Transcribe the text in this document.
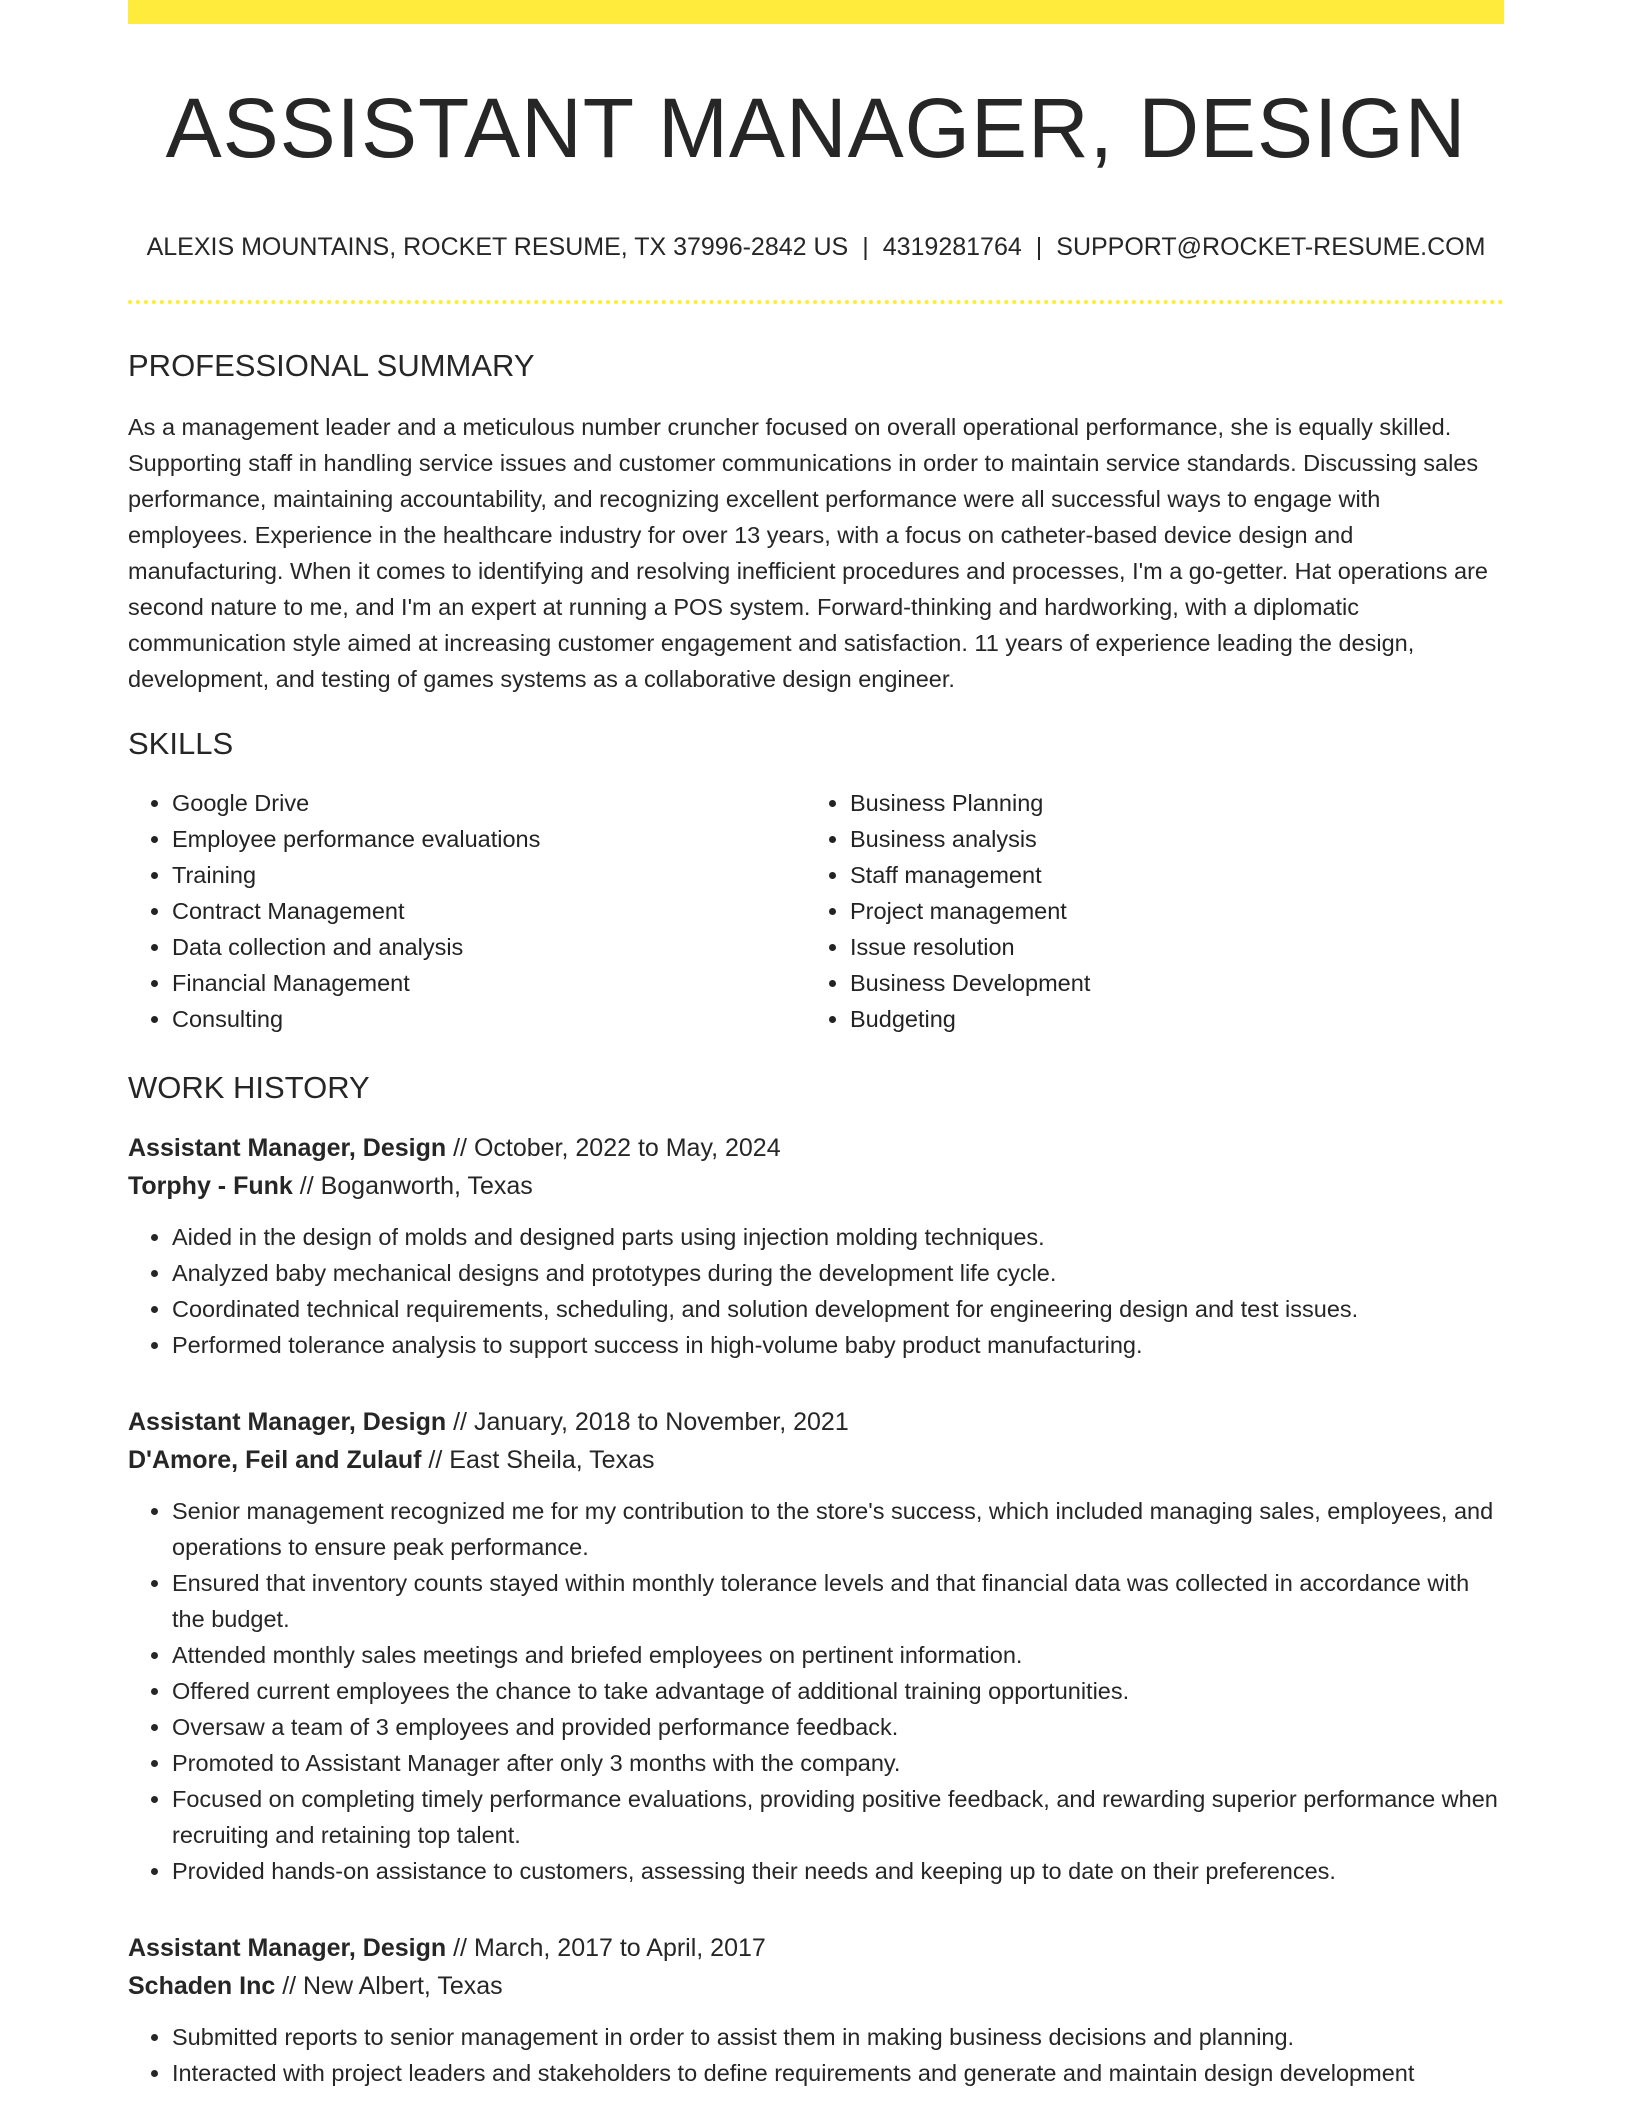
ASSISTANT MANAGER, DESIGN
ALEXIS MOUNTAINS, ROCKET RESUME, TX 37996-2842 US | 4319281764 | SUPPORT@ROCKET-RESUME.COM
PROFESSIONAL SUMMARY

As a management leader and a meticulous number cruncher focused on overall operational performance, she is equally skilled. Supporting staff in handling service issues and customer communications in order to maintain service standards. Discussing sales performance, maintaining accountability, and recognizing excellent performance were all successful ways to engage with employees. Experience in the healthcare industry for over 13 years, with a focus on catheter-based device design and manufacturing. When it comes to identifying and resolving inefficient procedures and processes, I'm a go-getter. Hat operations are second nature to me, and I'm an expert at running a POS system. Forward-thinking and hardworking, with a diplomatic communication style aimed at increasing customer engagement and satisfaction. 11 years of experience leading the design, development, and testing of games systems as a collaborative design engineer.

SKILLS
• Google Drive
• Employee performance evaluations
• Training
• Contract Management
• Data collection and analysis
• Financial Management
• Consulting
• Business Planning
• Business analysis
• Staff management
• Project management
• Issue resolution
• Business Development
• Budgeting
WORK HISTORY
Assistant Manager, Design // October, 2022 to May, 2024
Torphy - Funk // Boganworth, Texas
• Aided in the design of molds and designed parts using injection molding techniques.
• Analyzed baby mechanical designs and prototypes during the development life cycle.
• Coordinated technical requirements, scheduling, and solution development for engineering design and test issues.
• Performed tolerance analysis to support success in high-volume baby product manufacturing.
Assistant Manager, Design // January, 2018 to November, 2021
D'Amore, Feil and Zulauf // East Sheila, Texas
• Senior management recognized me for my contribution to the store's success, which included managing sales, employees, and operations to ensure peak performance.
• Ensured that inventory counts stayed within monthly tolerance levels and that financial data was collected in accordance with the budget.
• Attended monthly sales meetings and briefed employees on pertinent information.
• Offered current employees the chance to take advantage of additional training opportunities.
• Oversaw a team of 3 employees and provided performance feedback.
• Promoted to Assistant Manager after only 3 months with the company.
• Focused on completing timely performance evaluations, providing positive feedback, and rewarding superior performance when recruiting and retaining top talent.
• Provided hands-on assistance to customers, assessing their needs and keeping up to date on their preferences.
Assistant Manager, Design // March, 2017 to April, 2017
Schaden Inc // New Albert, Texas
• Submitted reports to senior management in order to assist them in making business decisions and planning.
• Interacted with project leaders and stakeholders to define requirements and generate and maintain design development
